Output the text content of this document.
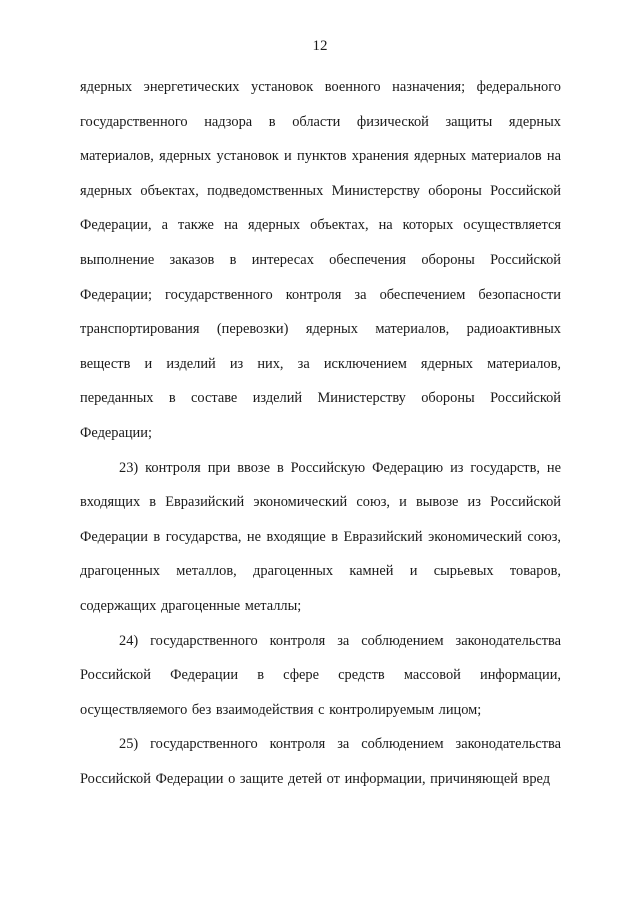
12

ядерных энергетических установок военного назначения; федерального государственного надзора в области физической защиты ядерных материалов, ядерных установок и пунктов хранения ядерных материалов на ядерных объектах, подведомственных Министерству обороны Российской Федерации, а также на ядерных объектах, на которых осуществляется выполнение заказов в интересах обеспечения обороны Российской Федерации; государственного контроля за обеспечением безопасности транспортирования (перевозки) ядерных материалов, радиоактивных веществ и изделий из них, за исключением ядерных материалов, переданных в составе изделий Министерству обороны Российской Федерации;

23) контроля при ввозе в Российскую Федерацию из государств, не входящих в Евразийский экономический союз, и вывозе из Российской Федерации в государства, не входящие в Евразийский экономический союз, драгоценных металлов, драгоценных камней и сырьевых товаров, содержащих драгоценные металлы;

24) государственного контроля за соблюдением законодательства Российской Федерации в сфере средств массовой информации, осуществляемого без взаимодействия с контролируемым лицом;

25) государственного контроля за соблюдением законодательства Российской Федерации о защите детей от информации, причиняющей вред
